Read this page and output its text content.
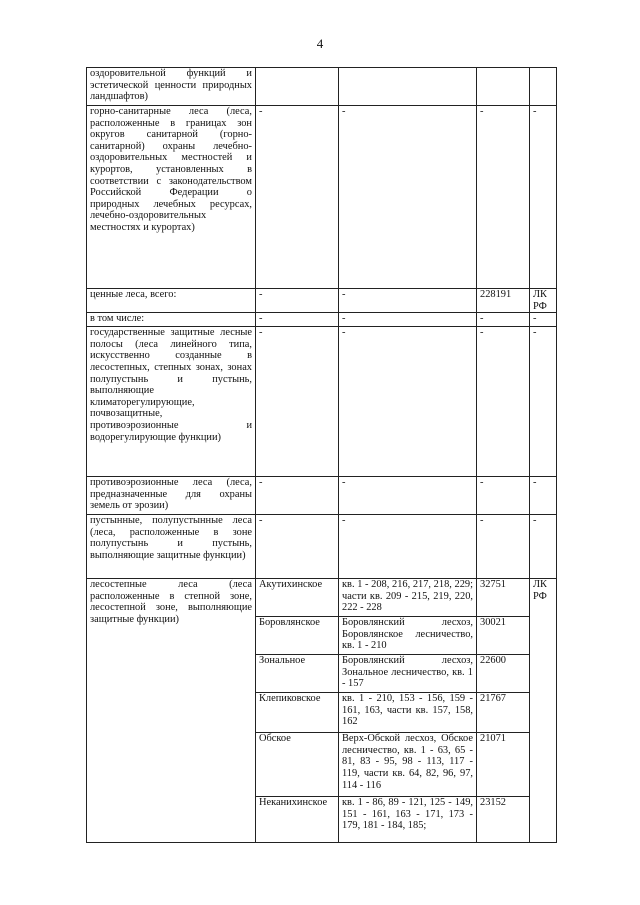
4
оздоровительной функций и эстетической ценности природных ландшафтов)				
горно-санитарные леса (леса, расположенные в границах зон округов санитарной (горно-санитарной) охраны лечебно-оздоровительных местностей и курортов, установленных в соответствии с законодательством Российской Федерации о природных лечебных ресурсах, лечебно-оздоровительных местностях и курортах)	-	-	-	-
ценные леса, всего:	-	-	228191	ЛК РФ
в том числе:	-	-	-	-
государственные защитные лесные полосы (леса линейного типа, искусственно созданные в лесостепных, степных зонах, зонах полупустынь и пустынь, выполняющие климаторегулирующие, почвозащитные, противоэрозионные и водорегулирующие функции)	-	-	-	-
противоэрозионные леса (леса, предназначенные для охраны земель от эрозии)	-	-	-	-
пустынные, полупустынные леса (леса, расположенные в зоне полупустынь и пустынь, выполняющие защитные функции)	-	-	-	-
лесостепные леса (леса расположенные в степной зоне, лесостепной зоне, выполняющие защитные функции)	Акутихинское	кв. 1 - 208, 216, 217, 218, 229; части кв. 209 - 215, 219, 220, 222 - 228	32751	ЛК РФ
	Боровлянское	Боровлянский лесхоз, Боровлянское лесничество, кв. 1 - 210	30021	
	Зональное	Боровлянский лесхоз, Зональное лесничество, кв. 1 - 157	22600	
	Клепиковское	кв. 1 - 210, 153 - 156, 159 - 161, 163, части кв. 157, 158, 162	21767	
	Обское	Верх-Обской лесхоз, Обское лесничество, кв. 1 - 63, 65 - 81, 83 - 95, 98 - 113, 117 - 119, части кв. 64, 82, 96, 97, 114 - 116	21071	
	Неканихинское	кв. 1 - 86, 89 - 121, 125 - 149, 151 - 161, 163 - 171, 173 - 179, 181 - 184, 185;	23152	
